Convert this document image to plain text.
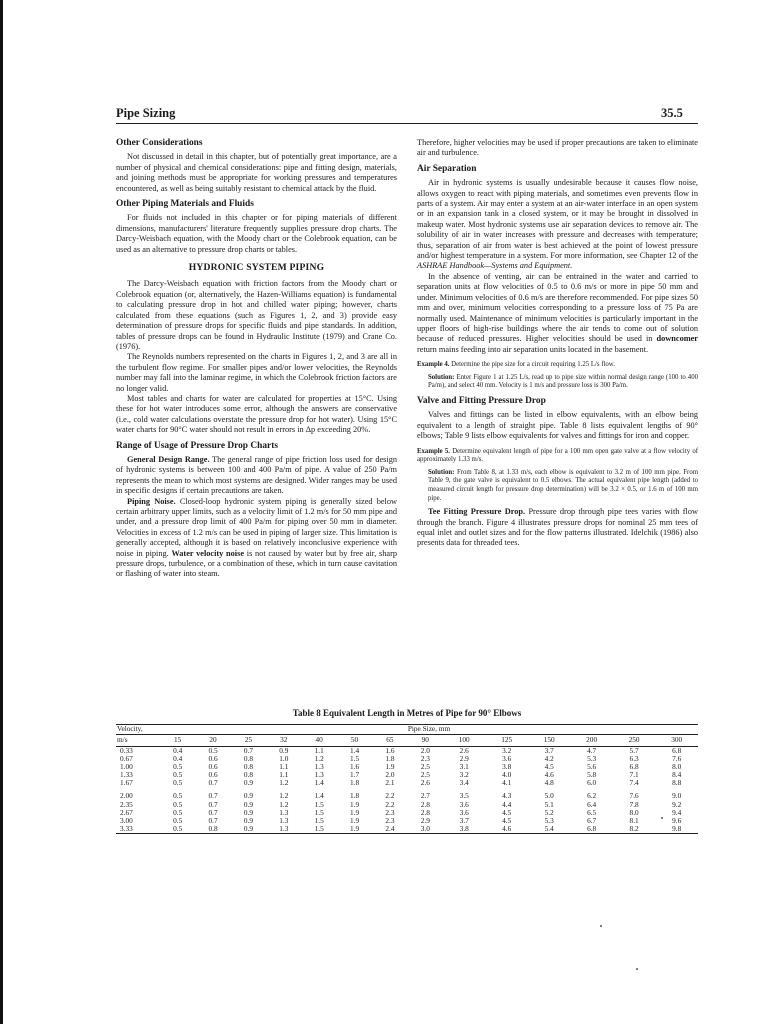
Pipe Sizing	35.5
Other Considerations

Not discussed in detail in this chapter, but of potentially great importance, are a number of physical and chemical considerations: pipe and fitting design, materials, and joining methods must be appropriate for working pressures and temperatures encountered, as well as being suitably resistant to chemical attack by the fluid.

Other Piping Materials and Fluids

For fluids not included in this chapter or for piping materials of different dimensions, manufacturers' literature frequently supplies pressure drop charts. The Darcy-Weisbach equation, with the Moody chart or the Colebrook equation, can be used as an alternative to pressure drop charts or tables.

HYDRONIC SYSTEM PIPING

The Darcy-Weisbach equation with friction factors from the Moody chart or Colebrook equation (or, alternatively, the Hazen-Williams equation) is fundamental to calculating pressure drop in hot and chilled water piping; however, charts calculated from these equations (such as Figures 1, 2, and 3) provide easy determination of pressure drops for specific fluids and pipe standards. In addition, tables of pressure drops can be found in Hydraulic Institute (1979) and Crane Co. (1976).

The Reynolds numbers represented on the charts in Figures 1, 2, and 3 are all in the turbulent flow regime. For smaller pipes and/or lower velocities, the Reynolds number may fall into the laminar regime, in which the Colebrook friction factors are no longer valid.

Most tables and charts for water are calculated for properties at 15°C. Using these for hot water introduces some error, although the answers are conservative (i.e., cold water calculations overstate the pressure drop for hot water). Using 15°C water charts for 90°C water should not result in errors in Δp exceeding 20%.

Range of Usage of Pressure Drop Charts

General Design Range. The general range of pipe friction loss used for design of hydronic systems is between 100 and 400 Pa/m of pipe. A value of 250 Pa/m represents the mean to which most systems are designed. Wider ranges may be used in specific designs if certain precautions are taken.

Piping Noise. Closed-loop hydronic system piping is generally sized below certain arbitrary upper limits, such as a velocity limit of 1.2 m/s for 50 mm pipe and under, and a pressure drop limit of 400 Pa/m for piping over 50 mm in diameter. Velocities in excess of 1.2 m/s can be used in piping of larger size. This limitation is generally accepted, although it is based on relatively inconclusive experience with noise in piping. Water velocity noise is not caused by water but by free air, sharp pressure drops, turbulence, or a combination of these, which in turn cause cavitation or flashing of water into steam.

Therefore, higher velocities may be used if proper precautions are taken to eliminate air and turbulence.

Air Separation

Air in hydronic systems is usually undesirable because it causes flow noise, allows oxygen to react with piping materials, and sometimes even prevents flow in parts of a system. Air may enter a system at an air-water interface in an open system or in an expansion tank in a closed system, or it may be brought in dissolved in makeup water. Most hydronic systems use air separation devices to remove air. The solubility of air in water increases with pressure and decreases with temperature; thus, separation of air from water is best achieved at the point of lowest pressure and/or highest temperature in a system. For more information, see Chapter 12 of the ASHRAE Handbook—Systems and Equipment.

In the absence of venting, air can be entrained in the water and carried to separation units at flow velocities of 0.5 to 0.6 m/s or more in pipe 50 mm and under. Minimum velocities of 0.6 m/s are therefore recommended. For pipe sizes 50 mm and over, minimum velocities corresponding to a pressure loss of 75 Pa are normally used. Maintenance of minimum velocities is particularly important in the upper floors of high-rise buildings where the air tends to come out of solution because of reduced pressures. Higher velocities should be used in downcomer return mains feeding into air separation units located in the basement.

Example 4. Determine the pipe size for a circuit requiring 1.25 L/s flow.

Solution: Enter Figure 1 at 1.25 L/s, read up to pipe size within normal design range (100 to 400 Pa/m), and select 40 mm. Velocity is 1 m/s and pressure loss is 300 Pa/m.

Valve and Fitting Pressure Drop

Valves and fittings can be listed in elbow equivalents, with an elbow being equivalent to a length of straight pipe. Table 8 lists equivalent lengths of 90° elbows; Table 9 lists elbow equivalents for valves and fittings for iron and copper.

Example 5. Determine equivalent length of pipe for a 100 mm open gate valve at a flow velocity of approximately 1.33 m/s.

Solution: From Table 8, at 1.33 m/s, each elbow is equivalent to 3.2 m of 100 mm pipe. From Table 9, the gate valve is equivalent to 0.5 elbows. The actual equivalent pipe length (added to measured circuit length for pressure drop determination) will be 3.2 × 0.5, or 1.6 m of 100 mm pipe.

Tee Fitting Pressure Drop. Pressure drop through pipe tees varies with flow through the branch. Figure 4 illustrates pressure drops for nominal 25 mm tees of equal inlet and outlet sizes and for the flow patterns illustrated. Idelchik (1986) also presents data for threaded tees.

Table 8 Equivalent Length in Metres of Pipe for 90° Elbows
Velocity,	Pipe Size, mm													
m/s	15	20	25	32	40	50	65	90	100	125	150	200	250	300
0.33	0.4	0.5	0.7	0.9	1.1	1.4	1.6	2.0	2.6	3.2	3.7	4.7	5.7	6.8
0.67	0.4	0.6	0.8	1.0	1.2	1.5	1.8	2.3	2.9	3.6	4.2	5.3	6.3	7.6
1.00	0.5	0.6	0.8	1.1	1.3	1.6	1.9	2.5	3.1	3.8	4.5	5.6	6.8	8.0
1.33	0.5	0.6	0.8	1.1	1.3	1.7	2.0	2.5	3.2	4.0	4.6	5.8	7.1	8.4
1.67	0.5	0.7	0.9	1.2	1.4	1.8	2.1	2.6	3.4	4.1	4.8	6.0	7.4	8.8
2.00	0.5	0.7	0.9	1.2	1.4	1.8	2.2	2.7	3.5	4.3	5.0	6.2	7.6	9.0
2.35	0.5	0.7	0.9	1.2	1.5	1.9	2.2	2.8	3.6	4.4	5.1	6.4	7.8	9.2
2.67	0.5	0.7	0.9	1.3	1.5	1.9	2.3	2.8	3.6	4.5	5.2	6.5	8.0	9.4
3.00	0.5	0.7	0.9	1.3	1.5	1.9	2.3	2.9	3.7	4.5	5.3	6.7	8.1	9.6
3.33	0.5	0.8	0.9	1.3	1.5	1.9	2.4	3.0	3.8	4.6	5.4	6.8	8.2	9.8
